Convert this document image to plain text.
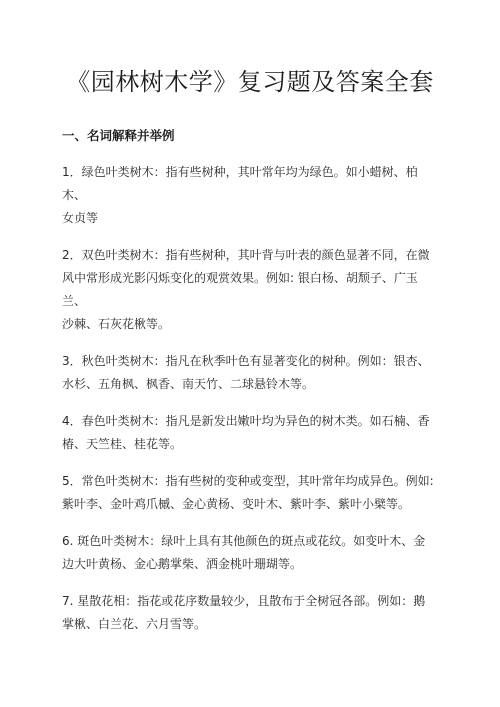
《园林树木学》复习题及答案全套
一、名词解释并举例
1．绿色叶类树木：指有些树种，其叶常年均为绿色。如小蜡树、柏木、
女贞等
2．双色叶类树木：指有些树种，其叶背与叶表的颜色显著不同，在微
风中常形成光影闪烁变化的观赏效果。例如: 银白杨、胡颓子、广玉兰、
沙棘、石灰花楸等。
3．秋色叶类树木：指凡在秋季叶色有显著变化的树种。例如：银杏、
水杉、五角枫、枫香、南天竹、二球悬铃木等。
4．春色叶类树木：指凡是新发出嫩叶均为异色的树木类。如石楠、香
椿、天竺桂、桂花等。
5．常色叶类树木：指有些树的变种或变型，其叶常年均成异色。例如:
紫叶李、金叶鸡爪槭、金心黄杨、变叶木、紫叶李、紫叶小檗等。
6. 斑色叶类树木：绿叶上具有其他颜色的斑点或花纹。如变叶木、金
边大叶黄杨、金心鹅掌柴、洒金桃叶珊瑚等。
7. 星散花相：指花或花序数量较少，且散布于全树冠各部。例如：鹅
掌楸、白兰花、六月雪等。
